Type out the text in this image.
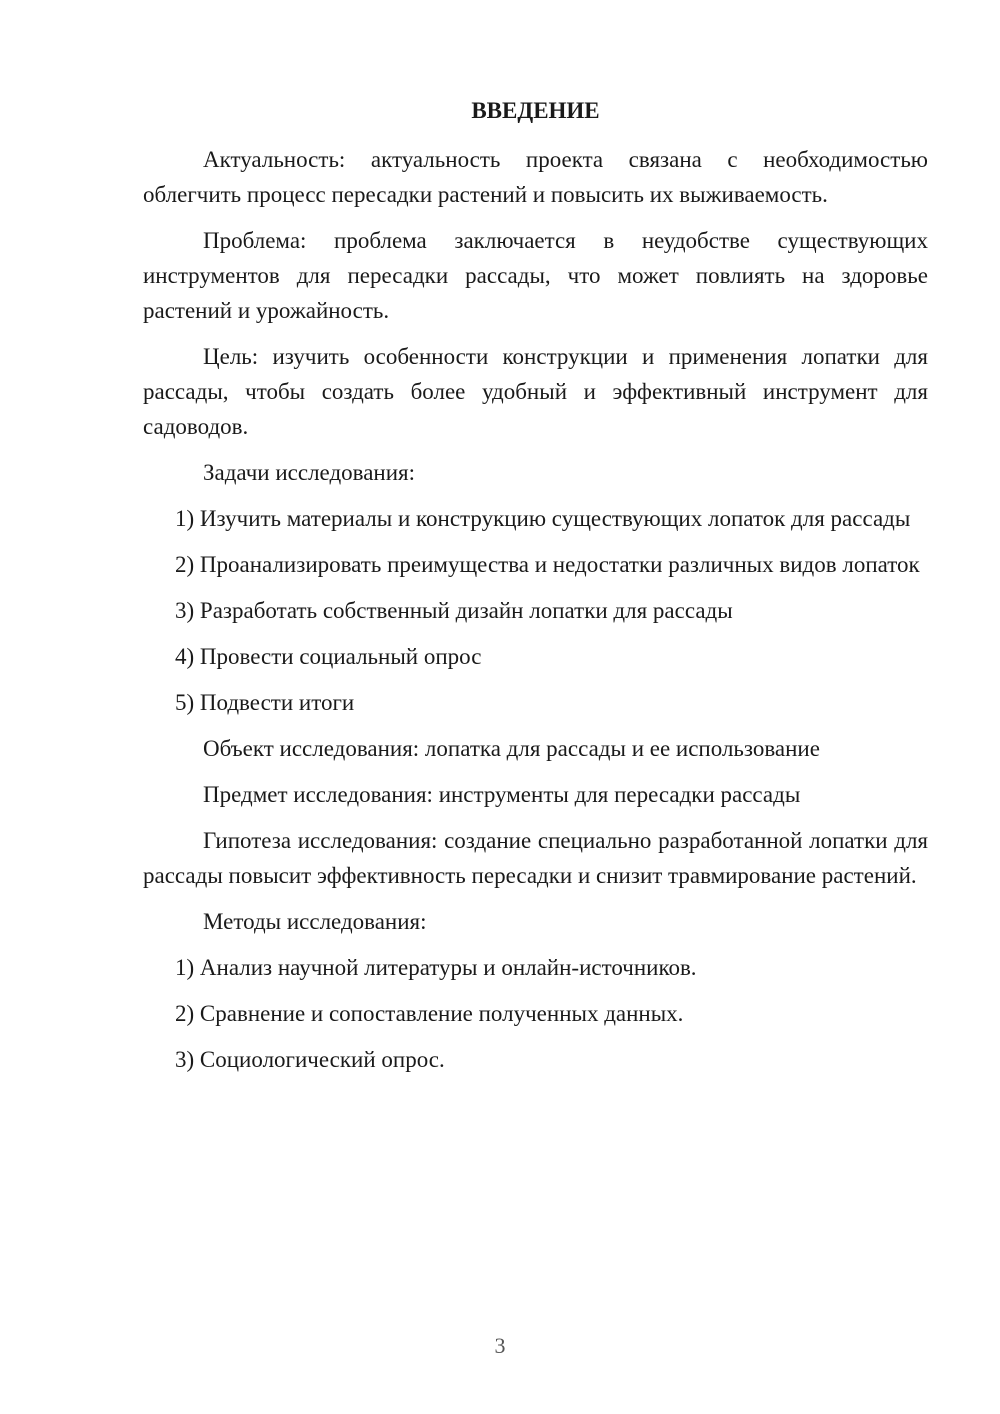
ВВЕДЕНИЕ

Актуальность: актуальность проекта связана с необходимостью облегчить процесс пересадки растений и повысить их выживаемость.

Проблема: проблема заключается в неудобстве существующих инструментов для пересадки рассады, что может повлиять на здоровье растений и урожайность.

Цель: изучить особенности конструкции и применения лопатки для рассады, чтобы создать более удобный и эффективный инструмент для садоводов.

Задачи исследования:

1) Изучить материалы и конструкцию существующих лопаток для рассады

2) Проанализировать преимущества и недостатки различных видов лопаток

3) Разработать собственный дизайн лопатки для рассады

4) Провести социальный опрос

5) Подвести итоги

Объект исследования: лопатка для рассады и ее использование

Предмет исследования: инструменты для пересадки рассады

Гипотеза исследования: создание специально разработанной лопатки для рассады повысит эффективность пересадки и снизит травмирование растений.

Методы исследования:

1) Анализ научной литературы и онлайн-источников.

2) Сравнение и сопоставление полученных данных.

3) Социологический опрос.

3
